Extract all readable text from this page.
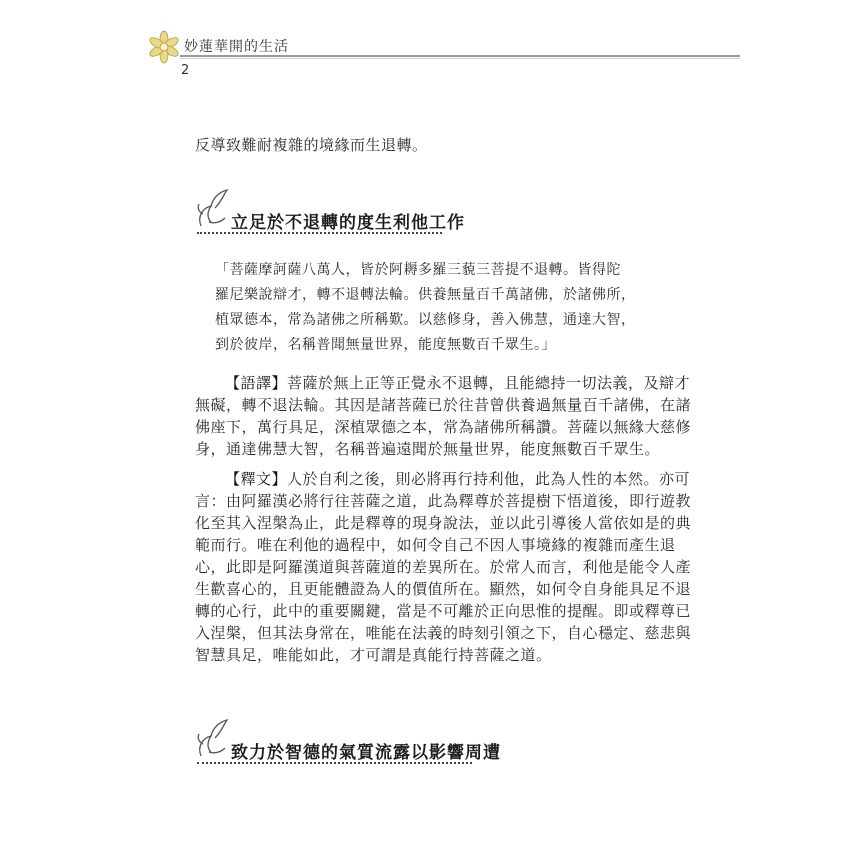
妙蓮華開的生活
2
反導致難耐複雜的境緣而生退轉。
立足於不退轉的度生利他工作
「菩薩摩訶薩八萬人，皆於阿耨多羅三藐三菩提不退轉。皆得陀
羅尼樂說辯才，轉不退轉法輪。供養無量百千萬諸佛，於諸佛所，
植眾德本，常為諸佛之所稱歎。以慈修身，善入佛慧，通達大智，
到於彼岸，名稱普聞無量世界，能度無數百千眾生。」
【語譯】菩薩於無上正等正覺永不退轉，且能總持一切法義，及辯才
無礙，轉不退法輪。其因是諸菩薩已於往昔曾供養過無量百千諸佛，在諸
佛座下，萬行具足，深植眾德之本，常為諸佛所稱讚。菩薩以無緣大慈修
身，通達佛慧大智，名稱普遍遠聞於無量世界，能度無數百千眾生。
【釋文】人於自利之後，則必將再行持利他，此為人性的本然。亦可
言：由阿羅漢必將行往菩薩之道，此為釋尊於菩提樹下悟道後，即行遊教
化至其入涅槃為止，此是釋尊的現身說法，並以此引導後人當依如是的典
範而行。唯在利他的過程中，如何令自己不因人事境緣的複雜而產生退
心，此即是阿羅漢道與菩薩道的差異所在。於常人而言，利他是能令人產
生歡喜心的，且更能體證為人的價值所在。顯然，如何令自身能具足不退
轉的心行，此中的重要關鍵，當是不可離於正向思惟的提醒。即或釋尊已
入涅槃，但其法身常在，唯能在法義的時刻引領之下，自心穩定、慈悲與
智慧具足，唯能如此，才可謂是真能行持菩薩之道。
致力於智德的氣質流露以影響周遭
